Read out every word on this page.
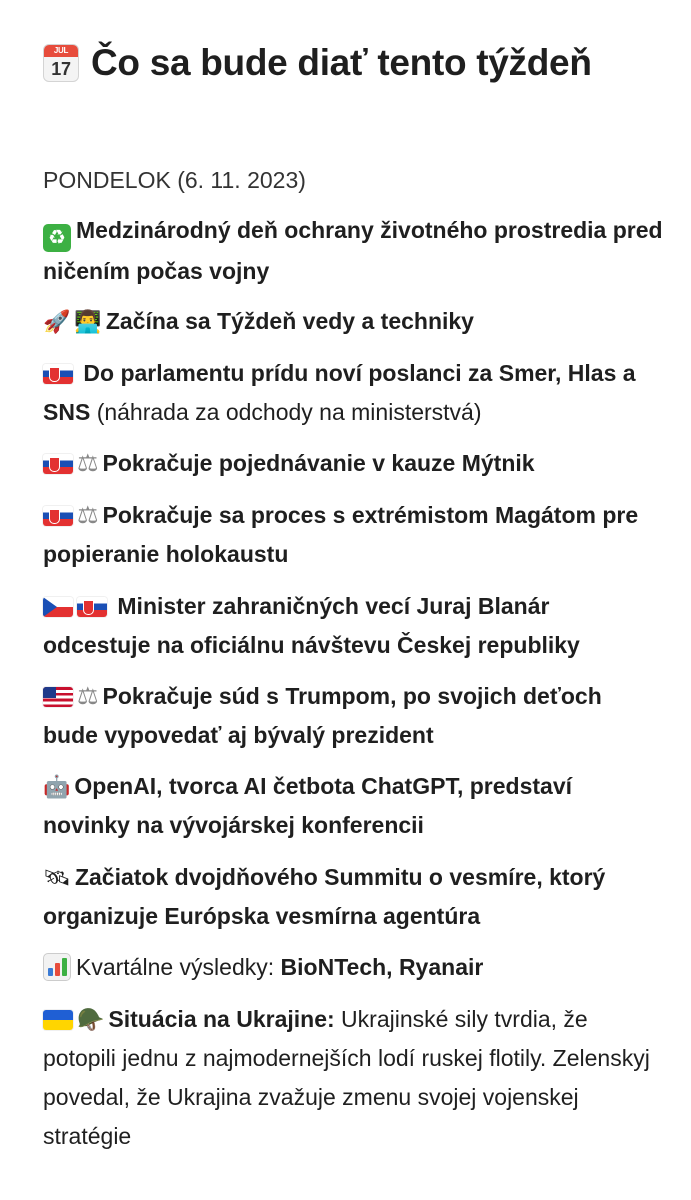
JUL
17 Čo sa bude diať tento týždeň
PONDELOK (6. 11. 2023)
♻ Medzinárodný deň ochrany životného prostredia pred ničením počas vojny
🚀 👨‍💻 Začína sa Týždeň vedy a techniky
Do parlamentu prídu noví poslanci za Smer, Hlas a SNS (náhrada za odchody na ministerstvá)
⚖ Pokračuje pojednávanie v kauze Mýtnik
⚖ Pokračuje sa proces s extrémistom Magátom pre popieranie holokaustu
Minister zahraničných vecí Juraj Blanár odcestuje na oficiálnu návštevu Českej republiky
⚖ Pokračuje súd s Trumpom, po svojich deťoch bude vypovedať aj bývalý prezident
🤖 OpenAI, tvorca AI četbota ChatGPT, predstaví novinky na vývojárskej konferencii
🛰 Začiatok dvojdňového Summitu o vesmíre, ktorý organizuje Európska vesmírna agentúra
Kvartálne výsledky: BioNTech, Ryanair
🪖 Situácia na Ukrajine: Ukrajinské sily tvrdia, že potopili jednu z najmodernejších lodí ruskej flotily. Zelenskyj povedal, že Ukrajina zvažuje zmenu svojej vojenskej stratégie
